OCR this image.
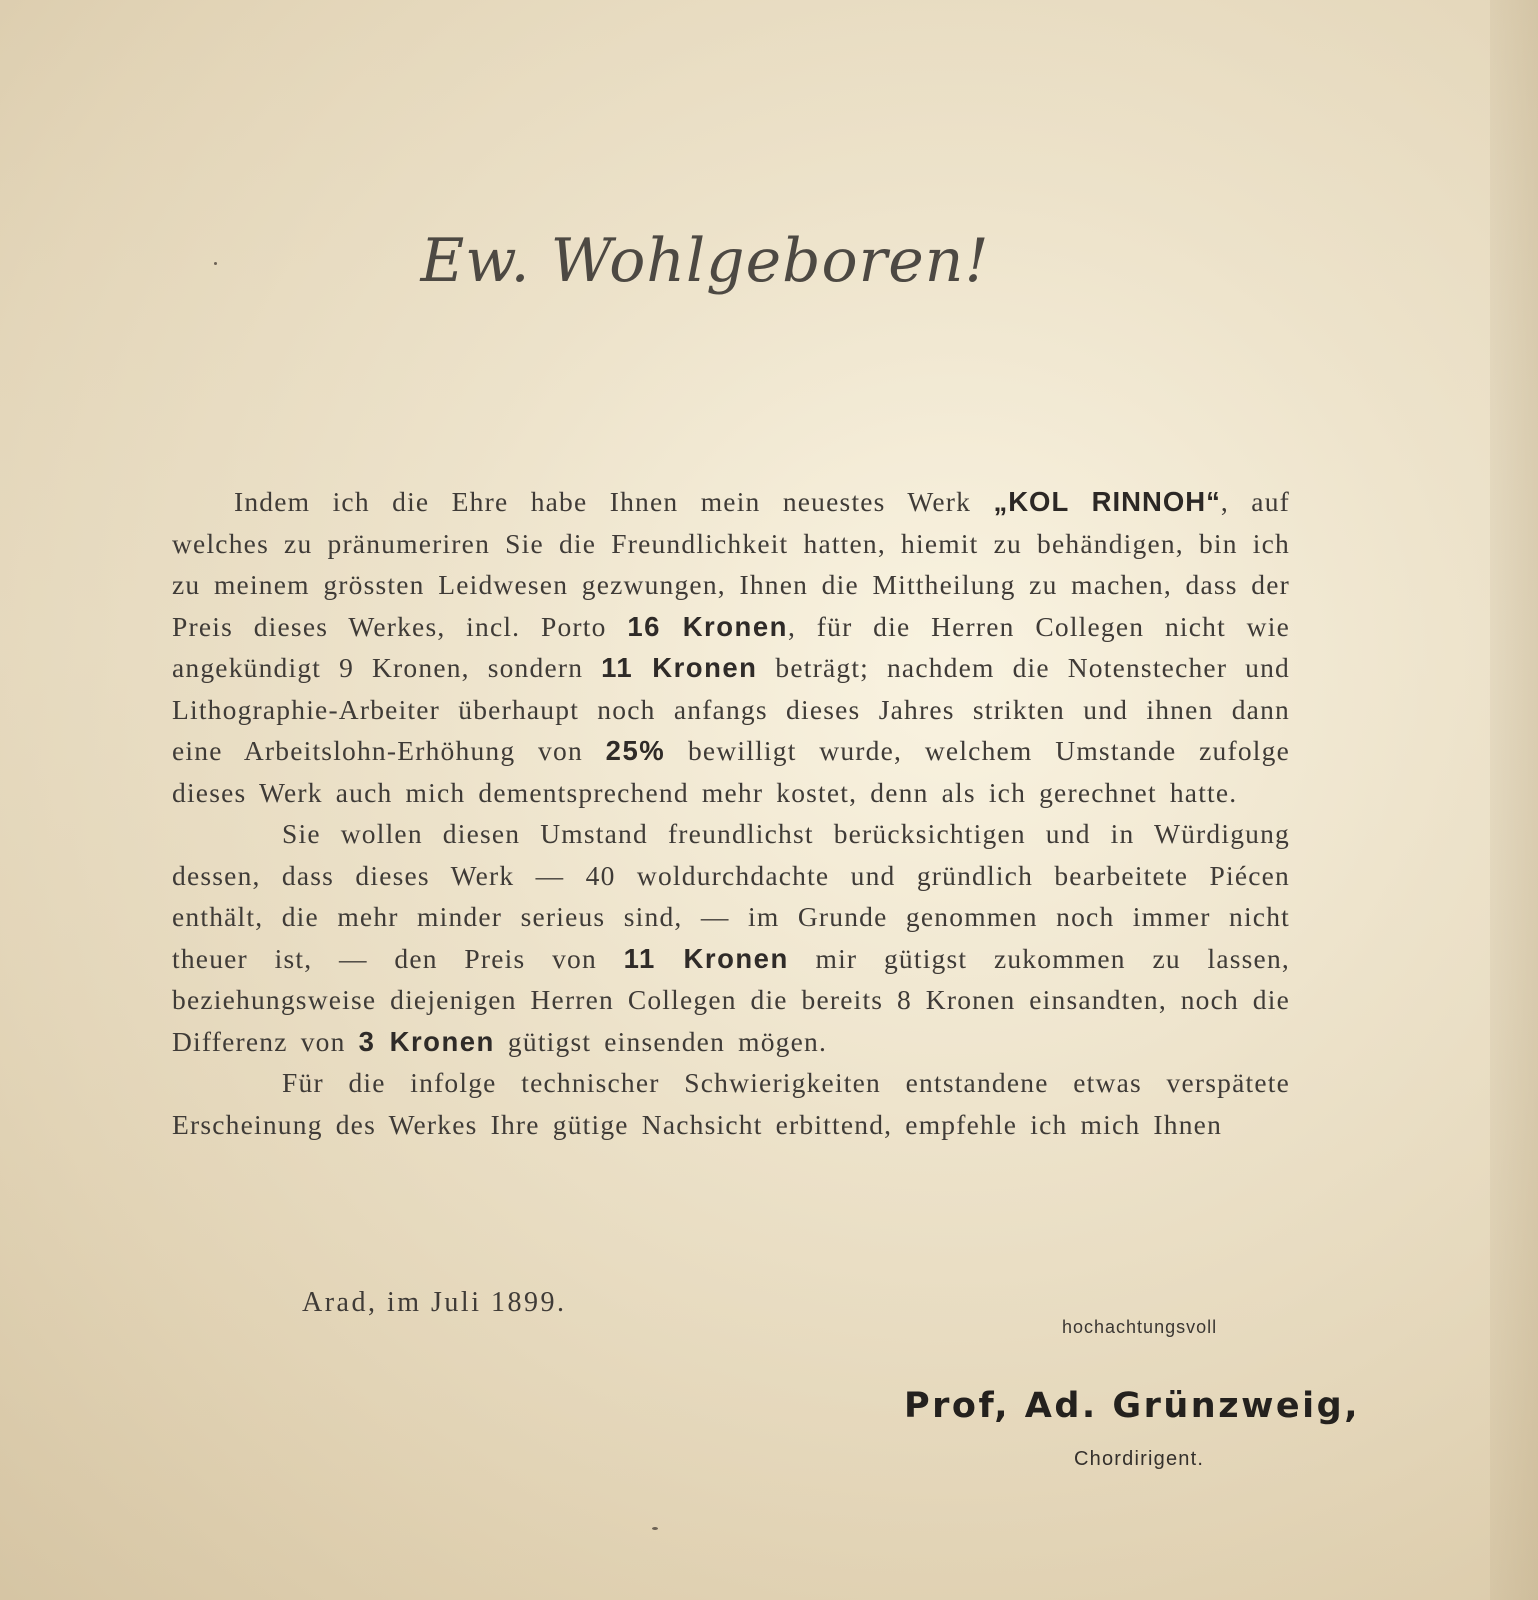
Ew. Wohlgeboren!

Indem ich die Ehre habe Ihnen mein neuestes Werk „KOL RINNOH“, auf welches zu pränumeriren Sie die Freundlichkeit hatten, hiemit zu behändigen, bin ich zu meinem grössten Leidwesen gezwungen, Ihnen die Mittheilung zu machen, dass der Preis dieses Werkes, incl. Porto 16 Kronen, für die Herren Collegen nicht wie angekündigt 9 Kronen, sondern 11 Kronen beträgt; nachdem die Notenstecher und Lithographie-Arbeiter überhaupt noch anfangs dieses Jahres strikten und ihnen dann eine Arbeitslohn-Erhöhung von 25% bewilligt wurde, welchem Umstande zufolge dieses Werk auch mich dementsprechend mehr kostet, denn als ich gerechnet hatte.

Sie wollen diesen Umstand freundlichst berücksichtigen und in Würdigung dessen, dass dieses Werk — 40 woldurchdachte und gründlich bearbeitete Piécen enthält, die mehr minder serieus sind, — im Grunde genommen noch immer nicht theuer ist, — den Preis von 11 Kronen mir gütigst zukommen zu lassen, beziehungsweise diejenigen Herren Collegen die bereits 8 Kronen einsandten, noch die Differenz von 3 Kronen gütigst einsenden mögen.

Für die infolge technischer Schwierigkeiten entstandene etwas verspätete Erscheinung des Werkes Ihre gütige Nachsicht erbittend, empfehle ich mich Ihnen

Arad, im Juli 1899.
hochachtungsvoll
Prof, Ad. Grünzweig,
Chordirigent.
